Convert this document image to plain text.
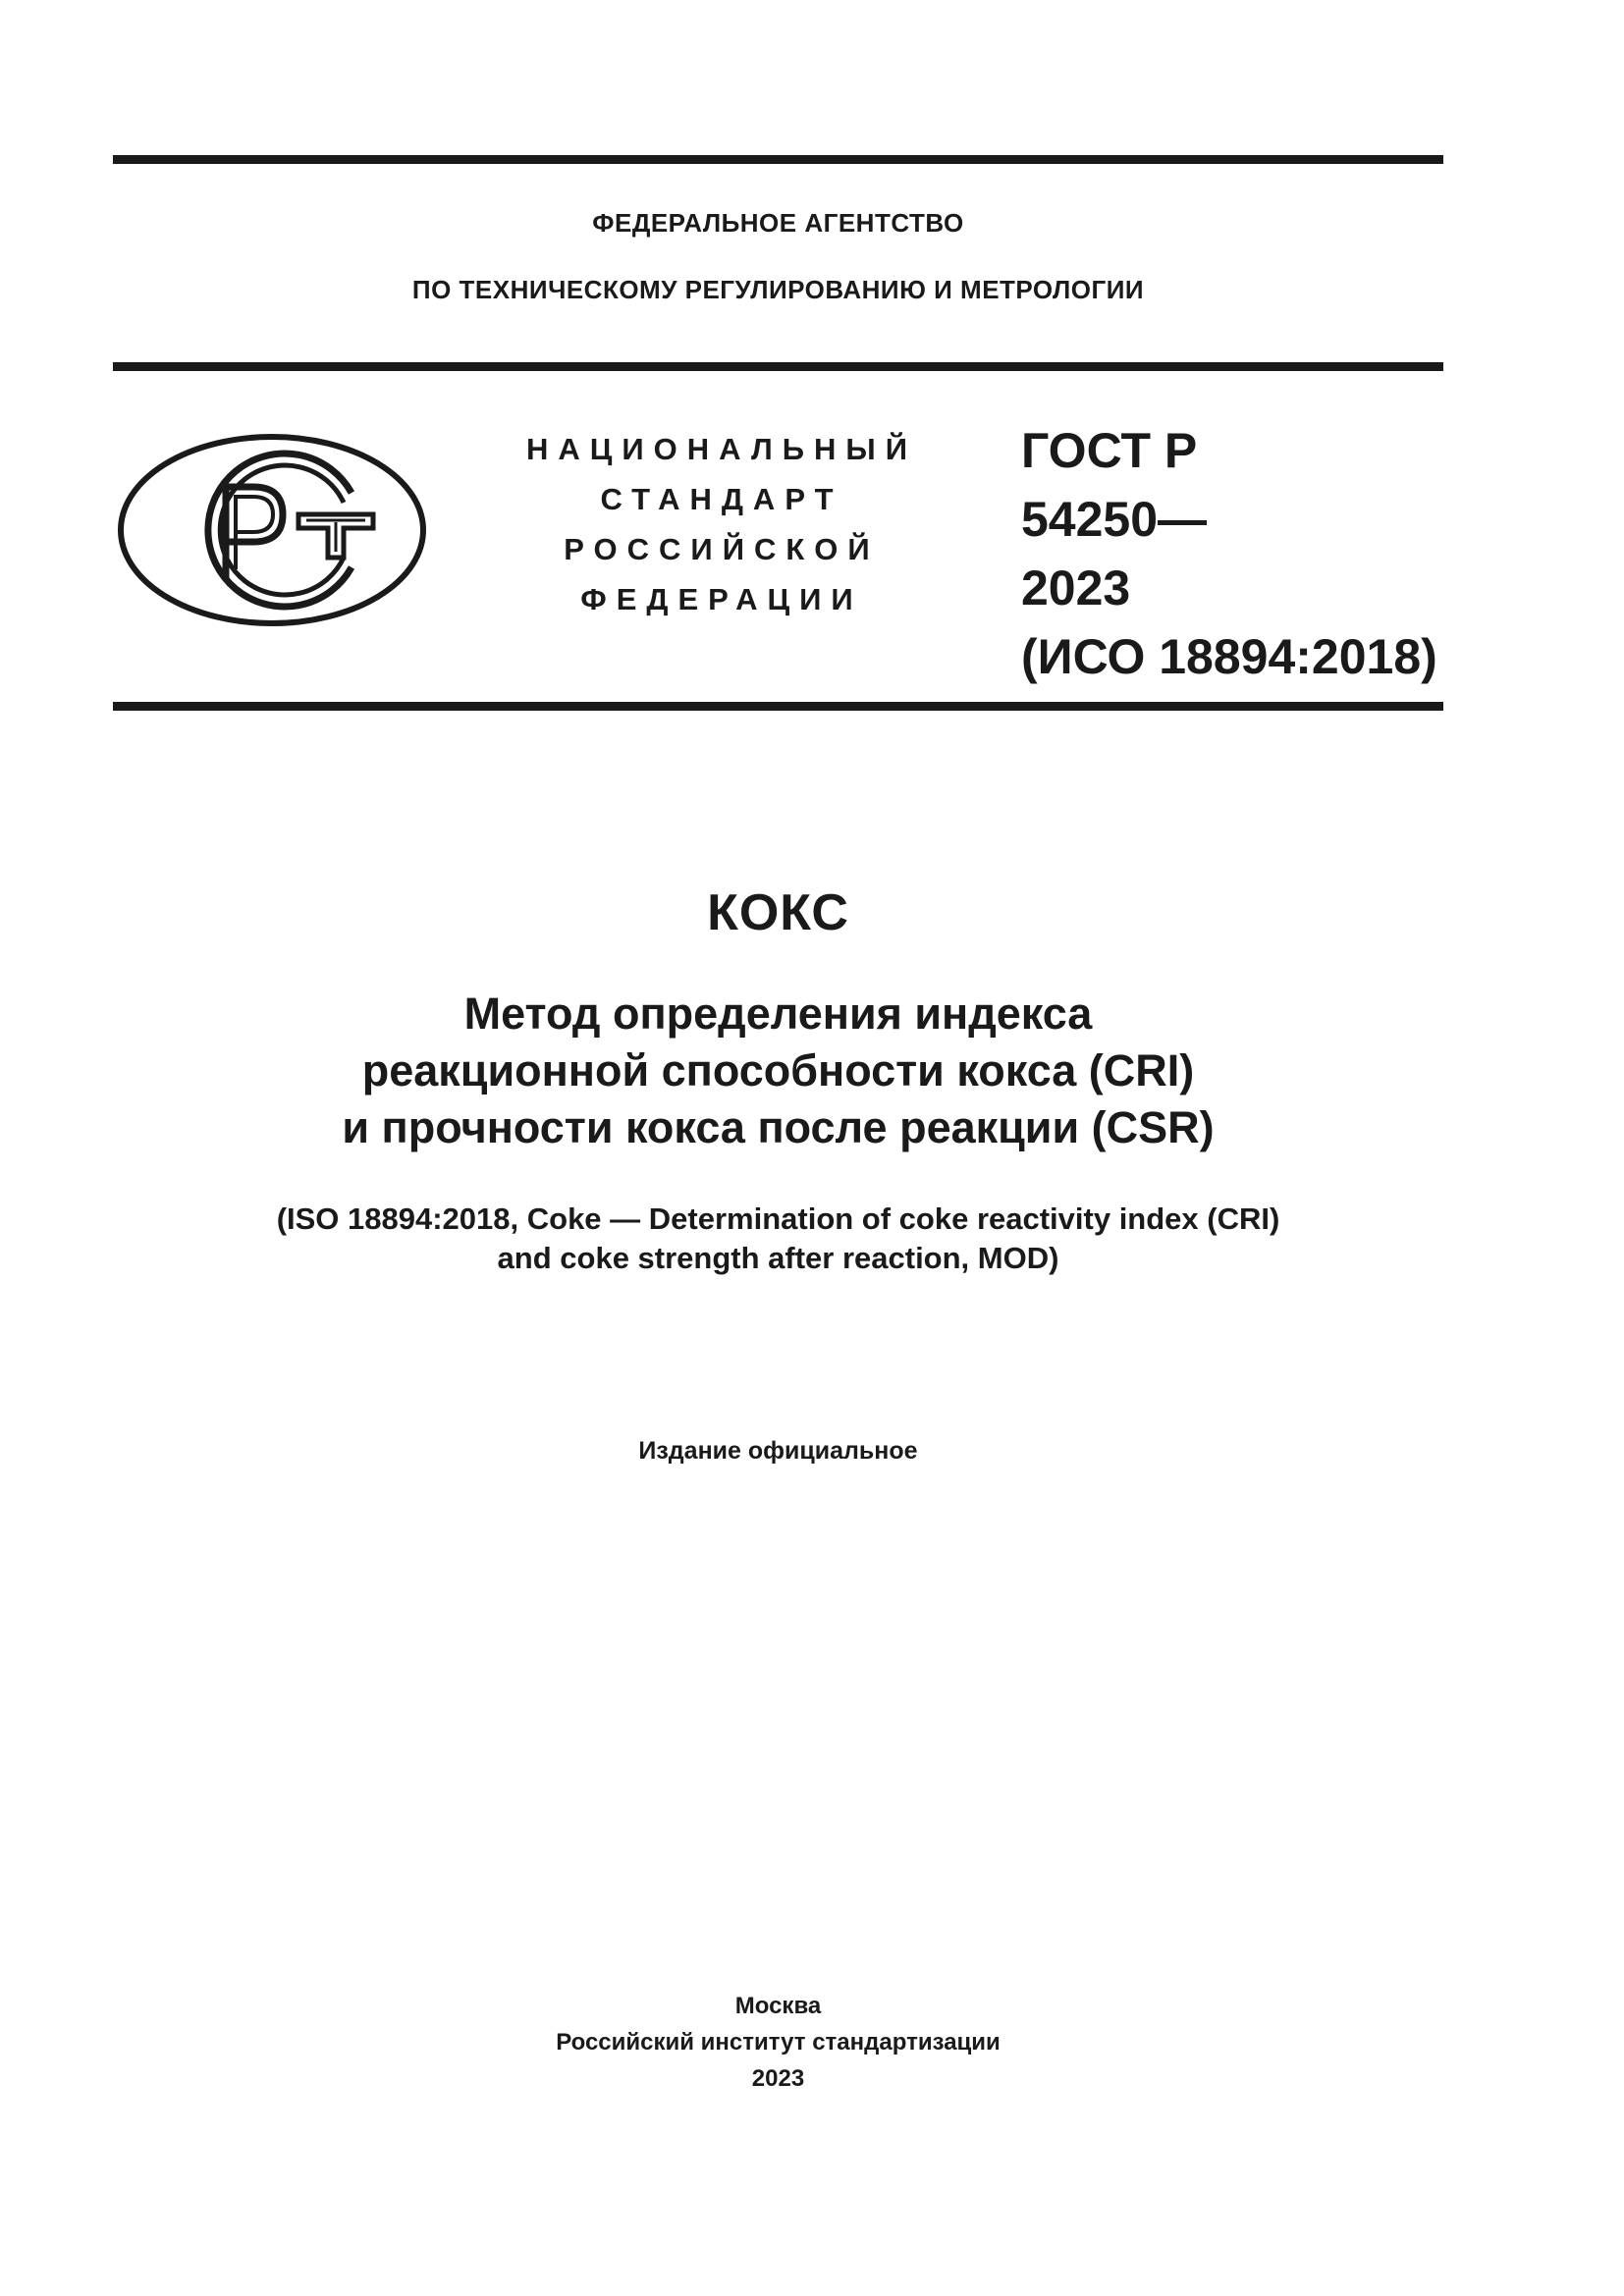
ФЕДЕРАЛЬНОЕ АГЕНТСТВО
ПО ТЕХНИЧЕСКОМУ РЕГУЛИРОВАНИЮ И МЕТРОЛОГИИ
НАЦИОНАЛЬНЫЙ
СТАНДАРТ
РОССИЙСКОЙ
ФЕДЕРАЦИИ
ГОСТ Р
54250—
2023
(ИСО 18894:2018)
КОКС
Метод определения индекса
реакционной способности кокса (CRI)
и прочности кокса после реакции (CSR)
(ISO 18894:2018, Coke — Determination of coke reactivity index (CRI)
and coke strength after reaction, MOD)
Издание официальное
Москва
Российский институт стандартизации
2023
